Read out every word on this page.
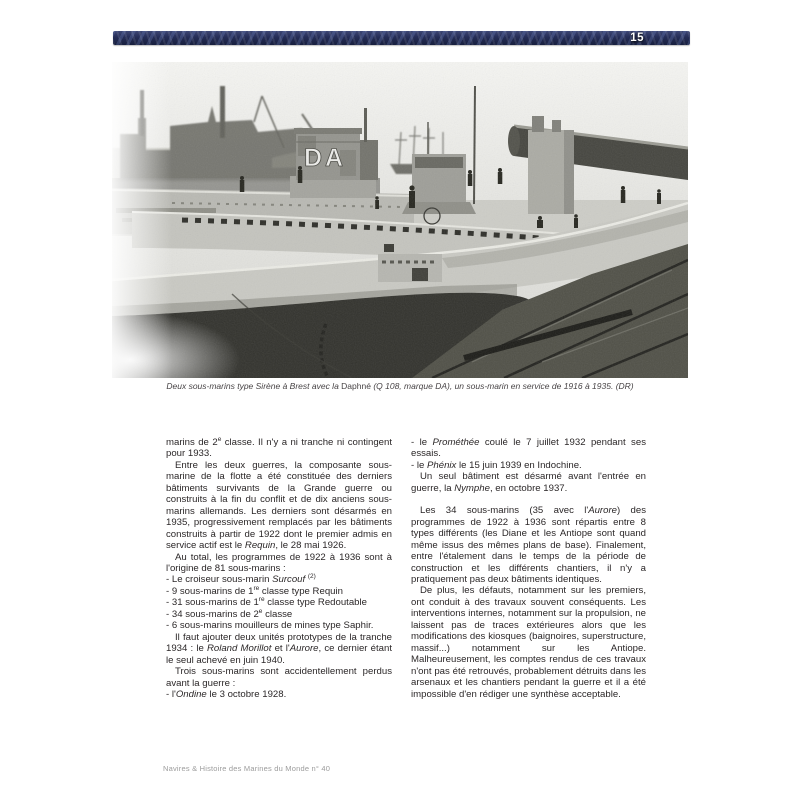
15
Deux sous-marins type Sirène à Brest avec la Daphné (Q 108, marque DA), un sous-marin en service de 1916 à 1935. (DR)

marins de 2e classe. Il n'y a ni tranche ni contingent pour 1933.

Entre les deux guerres, la composante sous-marine de la flotte a été constituée des derniers bâtiments survivants de la Grande guerre ou construits à la fin du conflit et de dix anciens sous-marins allemands. Les derniers sont désarmés en 1935, progressivement remplacés par les bâtiments construits à partir de 1922 dont le premier admis en service actif est le Requin, le 28 mai 1926.

Au total, les programmes de 1922 à 1936 sont à l'origine de 81 sous-marins :

- Le croiseur sous-marin Surcouf $^{(2)}$

- 9 sous-marins de 1re classe type Requin

- 31 sous-marins de 1re classe type Redoutable

- 34 sous-marins de 2e classe

- 6 sous-marins mouilleurs de mines type Saphir.

Il faut ajouter deux unités prototypes de la tranche 1934 : le Roland Morillot et l'Aurore, ce dernier étant le seul achevé en juin 1940.

Trois sous-marins sont accidentellement perdus avant la guerre :

- l'Ondine le 3 octobre 1928.

- le Prométhée coulé le 7 juillet 1932 pendant ses essais.

- le Phénix le 15 juin 1939 en Indochine.

Un seul bâtiment est désarmé avant l'entrée en guerre, la Nymphe, en octobre 1937.

Les 34 sous-marins (35 avec l'Aurore) des programmes de 1922 à 1936 sont répartis entre 8 types différents (les Diane et les Antiope sont quand même issus des mêmes plans de base). Finalement, entre l'étalement dans le temps de la période de construction et les différents chantiers, il n'y a pratiquement pas deux bâtiments identiques.

De plus, les défauts, notamment sur les premiers, ont conduit à des travaux souvent conséquents. Les interventions internes, notamment sur la propulsion, ne laissent pas de traces extérieures alors que les modifications des kiosques (baignoires, superstructure, massif...) notamment sur les Antiope. Malheureusement, les comptes rendus de ces travaux n'ont pas été retrouvés, probablement détruits dans les arsenaux et les chantiers pendant la guerre et il a été impossible d'en rédiger une synthèse acceptable.

Navires & Histoire des Marines du Monde n° 40
